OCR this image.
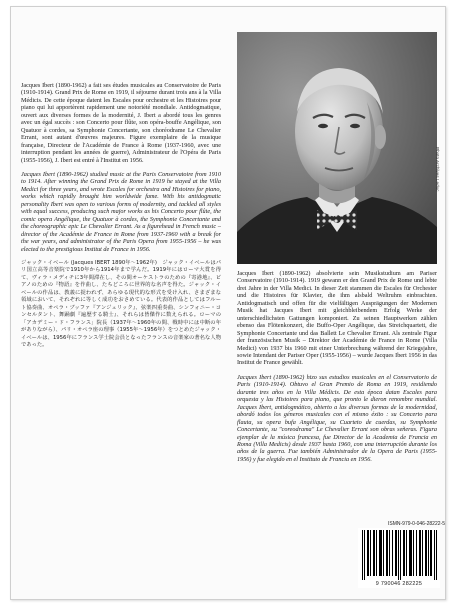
Jacques Ibert (1890-1962) a fait ses études musicales au Conservatoire de Paris (1910-1914). Grand Prix de Rome en 1919, il séjourne durant trois ans à la Villa Médicis. De cette époque datent les Escales pour orchestre et les Histoires pour piano qui lui apportèrent rapidement une notoriété mondiale. Antidogmatique, ouvert aux diverses formes de la modernité, J. Ibert a abordé tous les genres avec un égal succès : son Concerto pour flûte, son opéra-bouffe Angélique, son Quatuor à cordes, sa Symphonie Concertante, son choréodrame Le Chevalier Errant, sont autant d'œuvres majeures. Figure exemplaire de la musique française, Directeur de l'Académie de France à Rome (1937-1960, avec une interruption pendant les années de guerre), Administrateur de l'Opéra de Paris (1955-1956), J. Ibert est entré à l'Institut en 1956.

Jacques Ibert (1890-1962) studied music at the Paris Conservatoire from 1910 to 1914. After winning the Grand Prix de Rome in 1919 he stayed at the Villa Medici for three years, and wrote Escales for orchestra and Histoires for piano, works which rapidly brought him worldwide fame. With his antidogmatic personality Ibert was open to various forms of modernity, and tackled all styles with equal success, producing such major works as his Concerto pour flûte, the comic opera Angélique, the Quatuor à cordes, the Symphonie Concertante and the choreographic epic Le Chevalier Errant. As a figurehead in French music – director of the Académie de France in Rome from 1937-1960 with a break for the war years, and administrator of the Paris Opera from 1955-1956 – he was elected to the prestigious Institut de France in 1956.

ジャック・イベール (Jacques IBERT 1890年〜1962年)　ジャック・イベールはパリ国立高等音楽院で1910年から1914年まで学んだ。1919年にはローマ大賞を得て、ヴィラ・メディチに3年間滞在し、その間オーケストラのための『寄港地』、ピアノのための『物語』を作曲し、たちどころに世界的な名声を得た。ジャック・イベールの作品は、教義に捉われず、あらゆる現代的な形式を受け入れ、さまざまな領域において、それぞれに等しく成功をおさめている。代表的作品としてはフルート協奏曲、オペラ・ブッファ『アンジェリック』、弦楽四重奏曲、シンフォニー・コンセルタント、舞踊劇『遍歴する騎士』、それらは皆傑作に数えられる。ローマの「アカデミー・ド・フランス」院長（1937年〜1960年の間、戦時中には中断の年がありながら）、パリ・オペラ座の理事（1955年〜1956年）をつとめたジャック・イベールは、1956年にフランス学士院会員となったフランスの音楽家の著名な人物であった。

Photo Archives Leduc

Jacques Ibert (1890-1962) absolvierte sein Musikstudium am Pariser Conservatoire (1910-1914). 1919 gewann er den Grand Prix de Rome und lebte drei Jahre in der Villa Medici. In dieser Zeit stammen die Escales für Orchester und die Histoires für Klavier, die ihm alsbald Weltruhm einbrachten. Antidogmatisch und offen für die vielfältigen Ausprägungen der Modernen Musik hat Jacques Ibert mit gleichbleibendem Erfolg Werke der unterschiedlichsten Gattungen komponiert. Zu seinen Hauptwerken zählen ebenso das Flötenkonzert, die Buffo-Oper Angélique, das Streichquartett, die Symphonie Concertante und das Ballett Le Chevalier Errant. Als zentrale Figur der französischen Musik – Direktor der Académie de France in Rome (Villa Medici) von 1937 bis 1960 mit einer Unterbrechung während der Kriegsjahre, sowie Intendant der Pariser Oper (1955-1956) – wurde Jacques Ibert 1956 in das Institut de France gewählt.

Jacques Ibert (1890-1962) hizo sus estudios musicales en el Conservatorio de Paris (1910-1914). Obtuvo el Gran Premio de Roma en 1919, residiendo durante tres años en la Villa Médicis. De esta época datan Escales para orquesta y las Histoires para piano, que pronto le dieron renombre mundial. Jacques Ibert, antidogmático, abierto a las diversas formas de la modernidad, abordó todos los géneros musicales con el mismo éxito : su Concerto para flauta, su opera bufa Angélique, su Cuarteto de cuerdas, su Symphonie Concertante, su "coreodrama" Le Chevalier Errant son obras señeras. Figura ejemplar de la música francesa, fue Director de la Academia de Francia en Roma (Villa Medicis) desde 1937 hasta 1960, con una interrupción durante los años de la guerra. Fue también Administrador de la Opera de Paris (1955-1956) y fue elegido en el Instituto de Francia en 1956.

ISMN-979-0-046-28222-5
9 790046 282225
